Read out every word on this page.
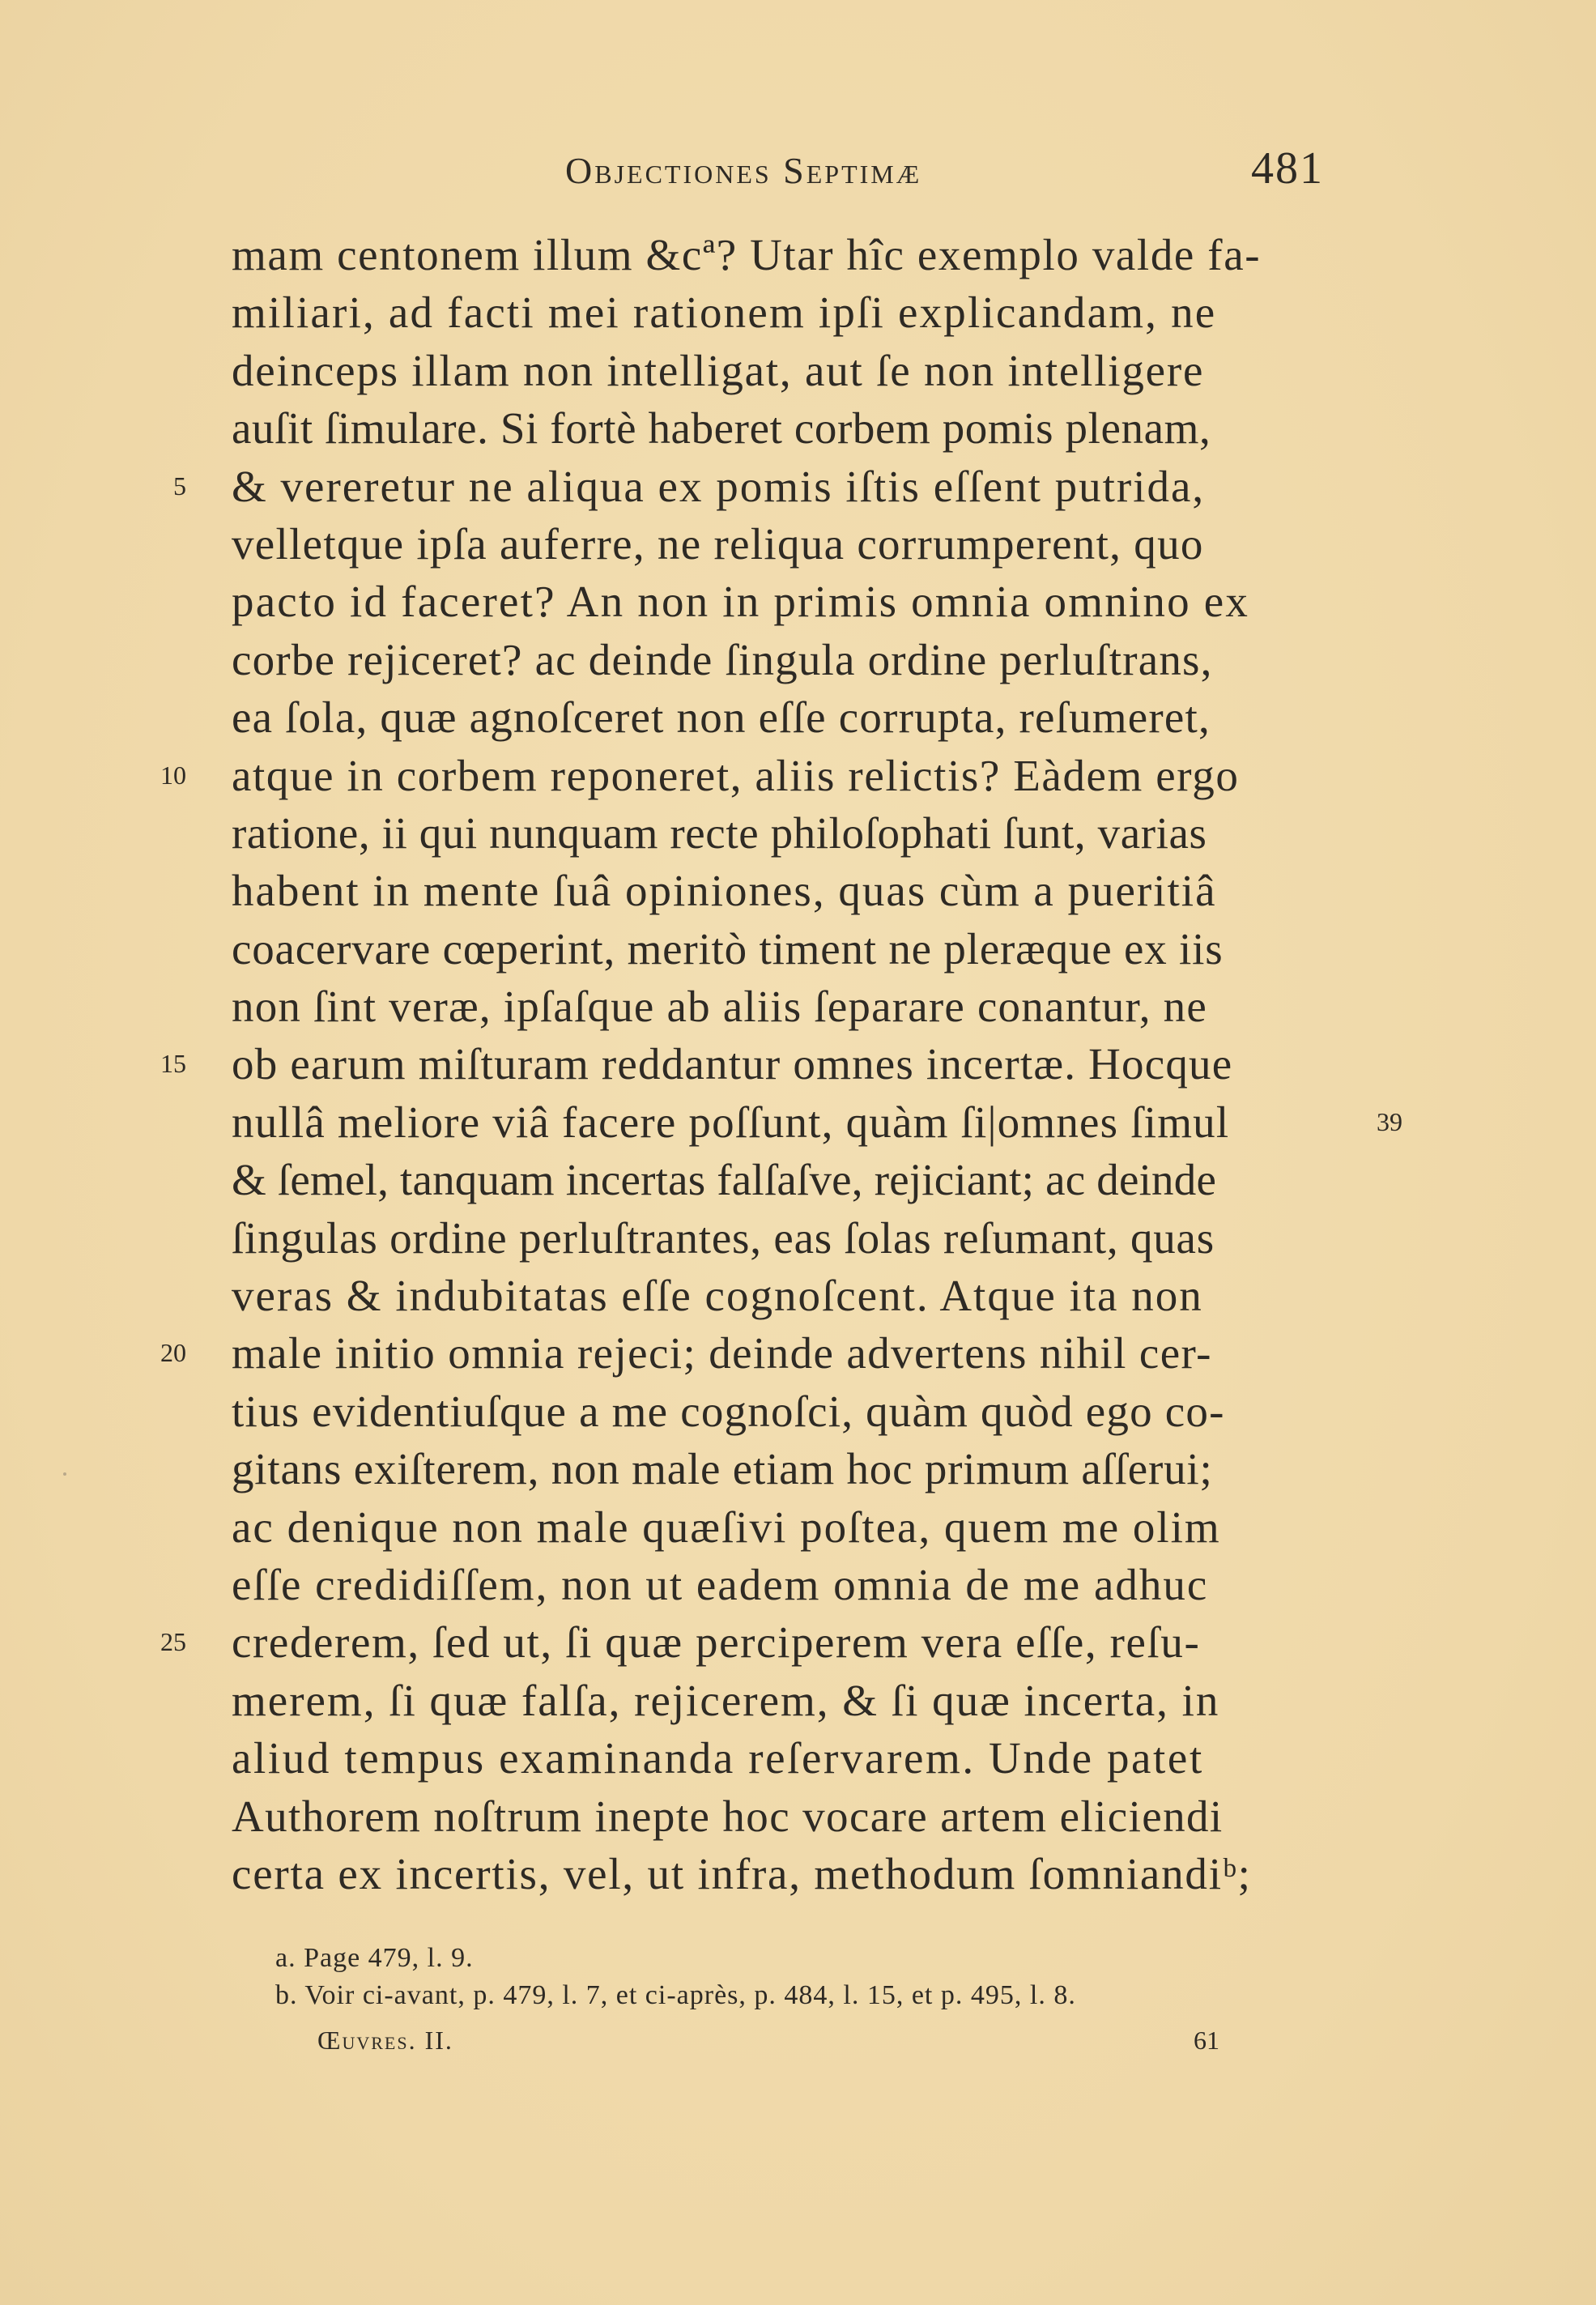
Objectiones Septimæ	481
mam centonem illum &cª? Utar hîc exemplo valde fa-
miliari, ad facti mei rationem ipſi explicandam, ne
deinceps illam non intelligat, aut ſe non intelligere
auſit ſimulare. Si fortè haberet corbem pomis plenam,
5 & vereretur ne aliqua ex pomis iſtis eſſent putrida,
velletque ipſa auferre, ne reliqua corrumperent, quo
pacto id faceret? An non in primis omnia omnino ex
corbe rejiceret? ac deinde ſingula ordine perluſtrans,
ea ſola, quæ agnoſceret non eſſe corrupta, reſumeret,
10 atque in corbem reponeret, aliis relictis? Eàdem ergo
ratione, ii qui nunquam recte philoſophati ſunt, varias
habent in mente ſuâ opiniones, quas cùm a pueritiâ
coacervare cœperint, meritò timent ne pleræque ex iis
non ſint veræ, ipſaſque ab aliis ſeparare conantur, ne
15 ob earum miſturam reddantur omnes incertæ. Hocque
nullâ meliore viâ facere poſſunt, quàm ſi|omnes ſimul	39
& ſemel, tanquam incertas falſaſve, rejiciant; ac deinde
ſingulas ordine perluſtrantes, eas ſolas reſumant, quas
veras & indubitatas eſſe cognoſcent. Atque ita non
20 male initio omnia rejeci; deinde advertens nihil cer-
tius evidentiuſque a me cognoſci, quàm quòd ego co-
gitans exiſterem, non male etiam hoc primum aſſerui;
ac denique non male quæſivi poſtea, quem me olim
eſſe credidiſſem, non ut eadem omnia de me adhuc
25 crederem, ſed ut, ſi quæ perciperem vera eſſe, reſu-
merem, ſi quæ falſa, rejicerem, & ſi quæ incerta, in
aliud tempus examinanda reſervarem. Unde patet
Authorem noſtrum inepte hoc vocare artem eliciendi
certa ex incertis, vel, ut infra, methodum ſomniandiᵇ;
a. Page 479, l. 9.
b. Voir ci-avant, p. 479, l. 7, et ci-après, p. 484, l. 15, et p. 495, l. 8.
Œuvres. II.	61
